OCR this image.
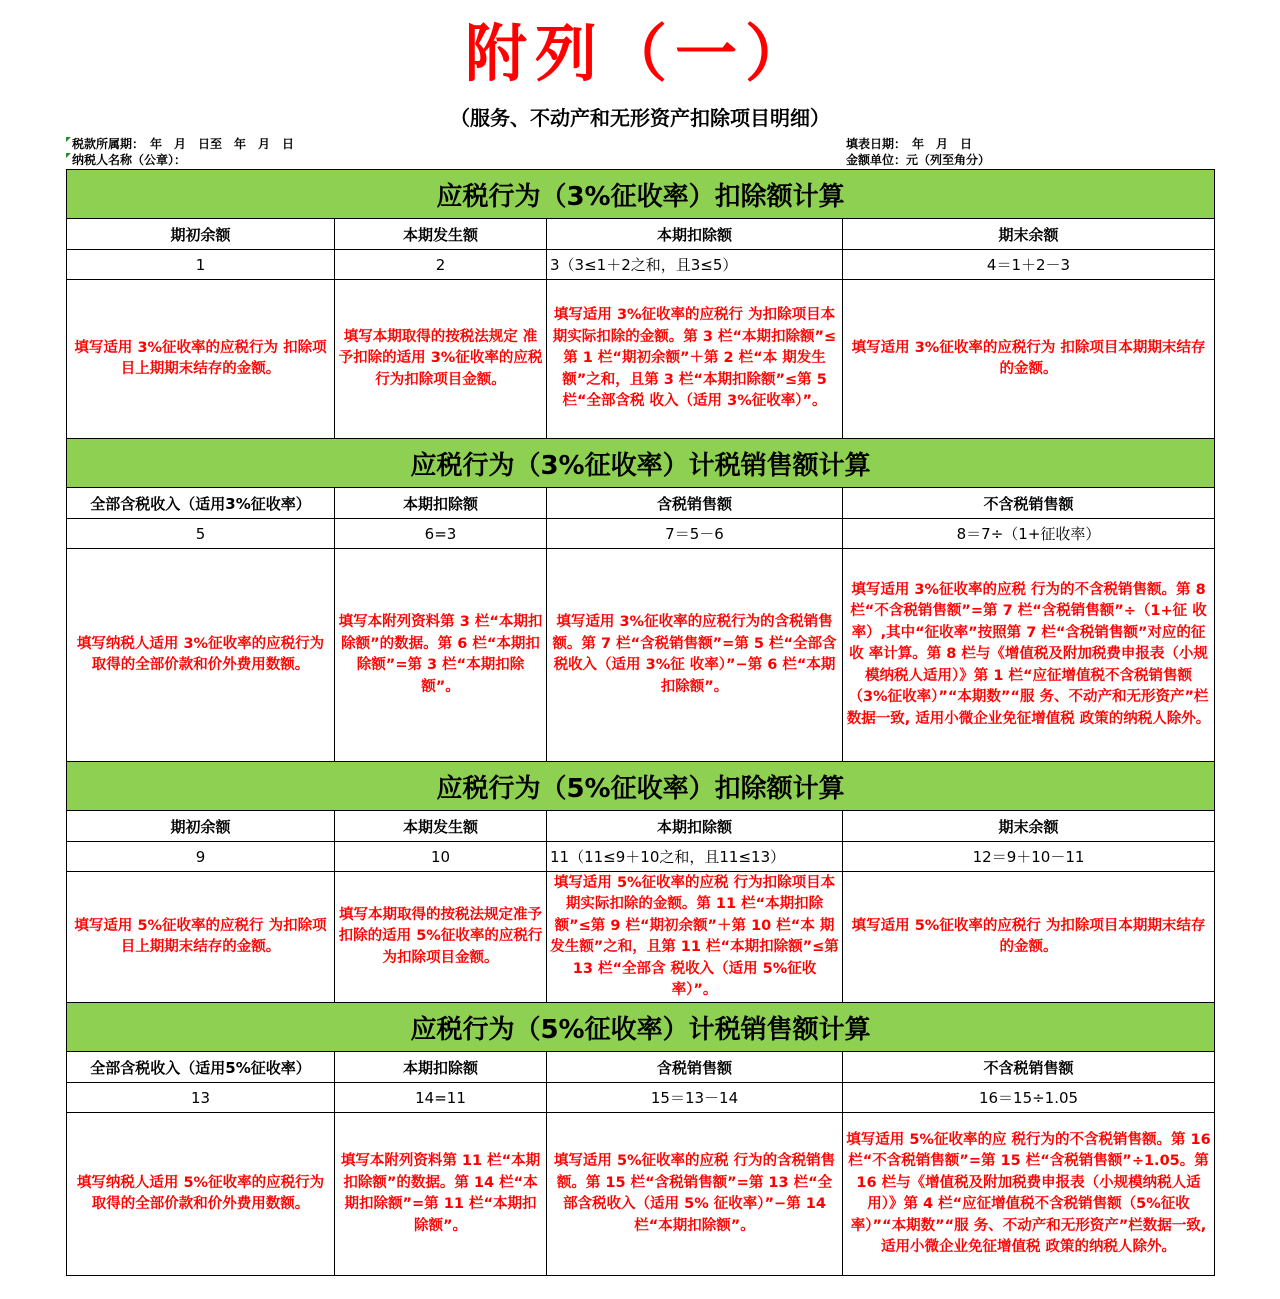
附列（一）
（服务、不动产和无形资产扣除项目明细）
税款所属期：　年　月　日至　年　月　日
纳税人名称（公章）：
填表日期：　年　月　日
金额单位：元（列至角分）
应税行为（3%征收率）扣除额计算			
期初余额	本期发生额	本期扣除额	期末余额
1	2	3（3≤1＋2之和，且3≤5）	4＝1＋2－3
填写适用 3%征收率的应税行为 扣除项目上期期末结存的金额。	填写本期取得的按税法规定 准予扣除的适用 3%征收率的应税行为扣除项目金额。	填写适用 3%征收率的应税行 为扣除项目本期实际扣除的金额。第 3 栏“本期扣除额”≤第 1 栏“期初余额”＋第 2 栏“本 期发生额”之和，且第 3 栏“本期扣除额”≤第 5 栏“全部含税 收入（适用 3%征收率）”。	填写适用 3%征收率的应税行为 扣除项目本期期末结存的金额。
应税行为（3%征收率）计税销售额计算			
全部含税收入（适用3%征收率）	本期扣除额	含税销售额	不含税销售额
5	6=3	7＝5－6	8＝7÷（1+征收率）
填写纳税人适用 3%征收率的应税行为取得的全部价款和价外费用数额。	填写本附列资料第 3 栏“本期扣除额”的数据。第 6 栏“本期扣除额”=第 3 栏“本期扣除额”。	填写适用 3%征收率的应税行为的含税销售额。第 7 栏“含税销售额”=第 5 栏“全部含税收入（适用 3%征 收率）”−第 6 栏“本期扣除额”。	填写适用 3%征收率的应税 行为的不含税销售额。第 8 栏“不含税销售额”=第 7 栏“含税销售额”÷（1+征 收率）,其中“征收率”按照第 7 栏“含税销售额”对应的征收 率计算。第 8 栏与《增值税及附加税费申报表（小规模纳税人适用）》第 1 栏“应征增值税不含税销售额（3%征收率）”“本期数”“服 务、不动产和无形资产”栏数据一致, 适用小微企业免征增值税 政策的纳税人除外。
应税行为（5%征收率）扣除额计算			
期初余额	本期发生额	本期扣除额	期末余额
9	10	11（11≤9＋10之和，且11≤13）	12＝9＋10－11
填写适用 5%征收率的应税行 为扣除项目上期期末结存的金额。	填写本期取得的按税法规定准予扣除的适用 5%征收率的应税行为扣除项目金额。	填写适用 5%征收率的应税 行为扣除项目本期实际扣除的金额。第 11 栏“本期扣除额”≤第 9 栏“期初余额”＋第 10 栏“本 期发生额”之和，且第 11 栏“本期扣除额”≤第 13 栏“全部含 税收入（适用 5%征收率）”。	填写适用 5%征收率的应税行 为扣除项目本期期末结存的金额。
应税行为（5%征收率）计税销售额计算			
全部含税收入（适用5%征收率）	本期扣除额	含税销售额	不含税销售额
13	14=11	15＝13－14	16＝15÷1.05
填写纳税人适用 5%征收率的应税行为取得的全部价款和价外费用数额。	填写本附列资料第 11 栏“本期扣除额”的数据。第 14 栏“本期扣除额”=第 11 栏“本期扣除额”。	填写适用 5%征收率的应税 行为的含税销售额。第 15 栏“含税销售额”=第 13 栏“全部含税收入（适用 5% 征收率）”−第 14 栏“本期扣除额”。	填写适用 5%征收率的应 税行为的不含税销售额。第 16 栏“不含税销售额”=第 15 栏“含税销售额”÷1.05。第 16 栏与《增值税及附加税费申报表（小规模纳税人适用）》第 4 栏“应征增值税不含税销售额（5%征收率）”“本期数”“服 务、不动产和无形资产”栏数据一致, 适用小微企业免征增值税 政策的纳税人除外。
